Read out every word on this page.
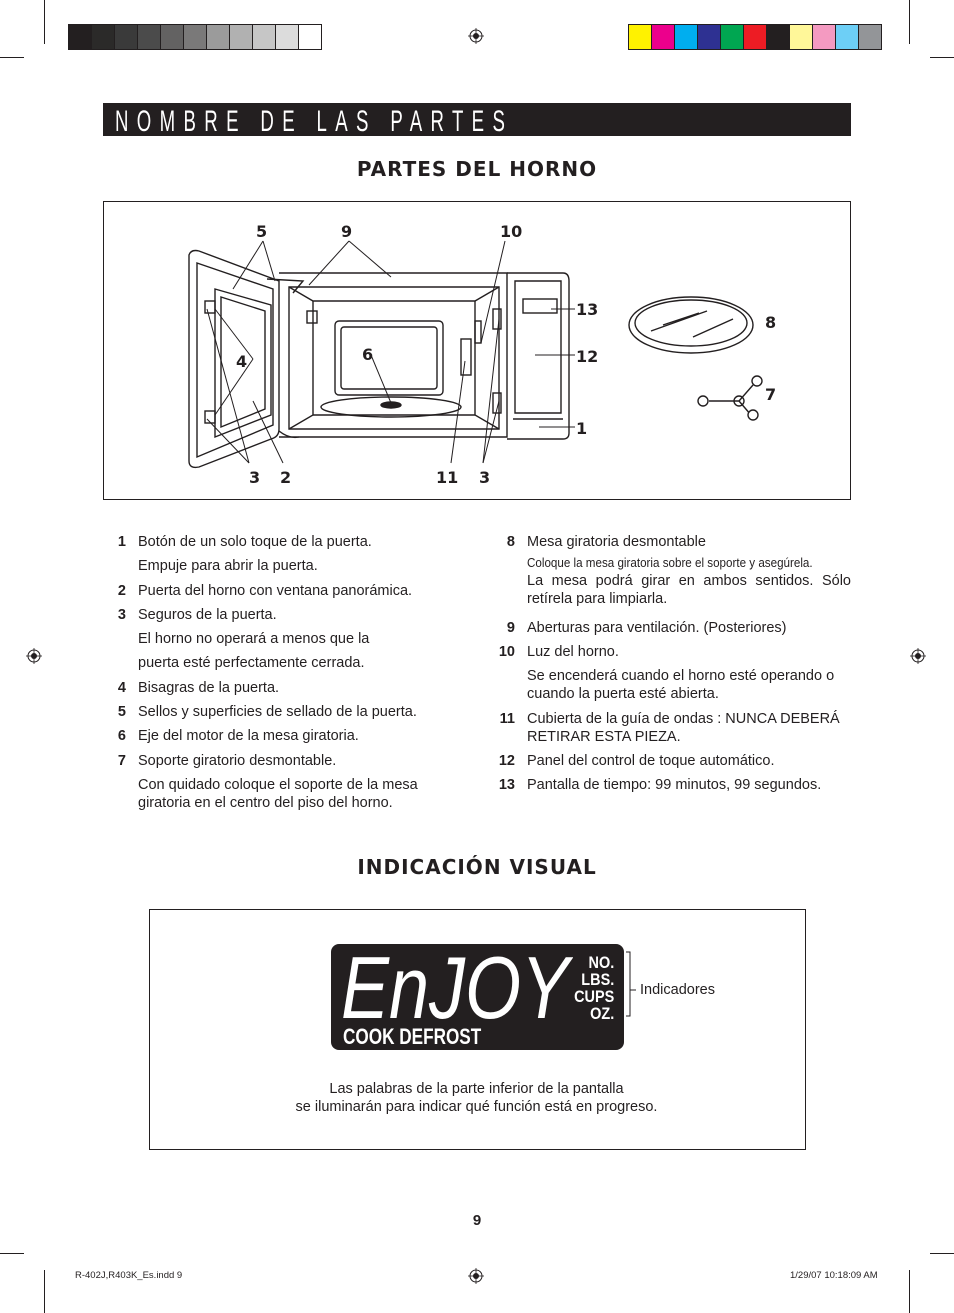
NOMBRE DE LAS PARTES
PARTES DEL HORNO
5	9	10
13
8
4	6	12
7
1
3 2	11 3
1 Botón de un solo toque de la puerta.
Empuje para abrir la puerta.
2 Puerta del horno con ventana panorámica.
3 Seguros de la puerta.
El horno no operará a menos que la
puerta esté perfectamente cerrada.
4 Bisagras de la puerta.
5 Sellos y superficies de sellado de la puerta.
6 Eje del motor de la mesa giratoria.
7 Soporte giratorio desmontable.
Con quidado coloque el soporte de la mesa giratoria en el centro del piso del horno.
8 Mesa giratoria desmontable
Coloque la mesa giratoria sobre el soporte y asegúrela.
La mesa podrá girar en ambos sentidos. Sólo retírela para limpiarla.
9 Aberturas para ventilación. (Posteriores)
10 Luz del horno.
Se encenderá cuando el horno esté operando o cuando la puerta esté abierta.
11 Cubierta de la guía de ondas : NUNCA DEBERÁ RETIRAR ESTA PIEZA.
12 Panel del control de toque automático.
13 Pantalla de tiempo: 99 minutos, 99 segundos.
INDICACIÓN VISUAL
EnJOY NO.
LBS.
CUPS
OZ.
COOK DEFROST
Indicadores
Las palabras de la parte inferior de la pantalla
se iluminarán para indicar qué función está en progreso.
9
R-402J,R403K_Es.indd 9	1/29/07 10:18:09 AM
